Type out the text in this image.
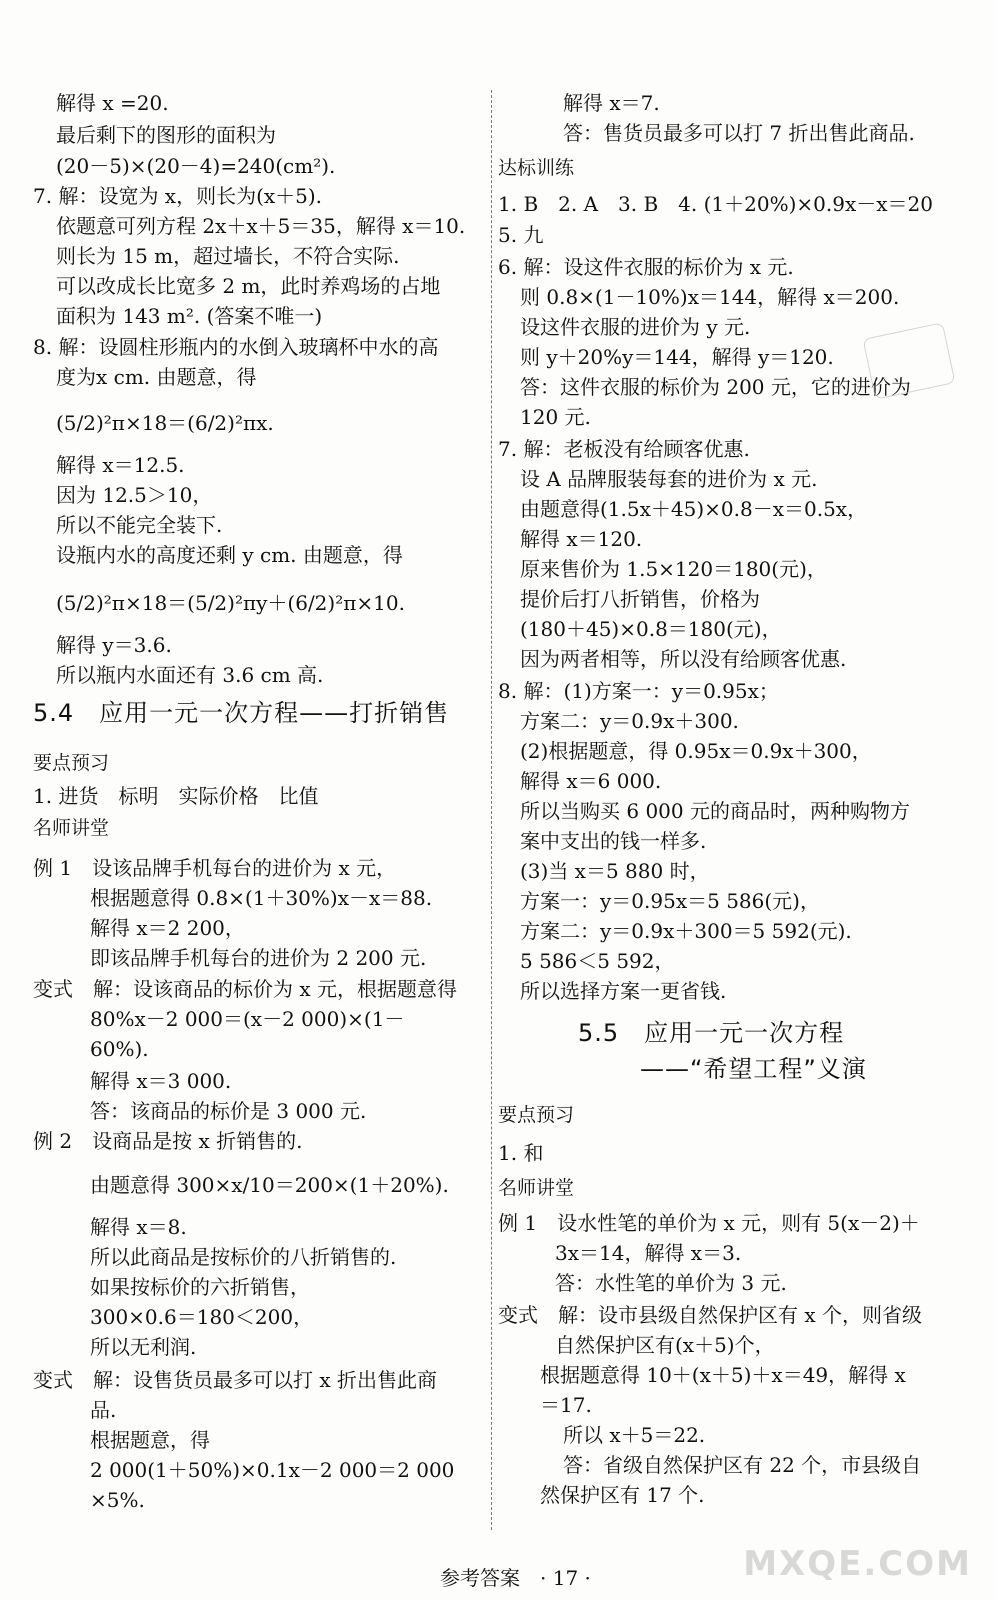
解得 x =20.
最后剩下的图形的面积为
(20－5)×(20－4)=240(cm²).
7. 解：设宽为 x，则长为(x＋5).
依题意可列方程 2x＋x＋5＝35，解得 x＝10.
则长为 15 m，超过墙长，不符合实际.
可以改成长比宽多 2 m，此时养鸡场的占地
面积为 143 m². (答案不唯一)
8. 解：设圆柱形瓶内的水倒入玻璃杯中水的高
度为x cm. 由题意，得
(5/2)²π×18＝(6/2)²πx.
解得 x＝12.5.
因为 12.5＞10，
所以不能完全装下.
设瓶内水的高度还剩 y cm. 由题意，得
(5/2)²π×18＝(5/2)²πy＋(6/2)²π×10.
解得 y＝3.6.
所以瓶内水面还有 3.6 cm 高.
5.4　应用一元一次方程——打折销售
要点预习
1. 进货　标明　实际价格　比值
名师讲堂
例 1　设该品牌手机每台的进价为 x 元，
根据题意得 0.8×(1＋30%)x－x＝88.
解得 x＝2 200，
即该品牌手机每台的进价为 2 200 元.
变式　解：设该商品的标价为 x 元，根据题意得
80%x－2 000＝(x－2 000)×(1－
60%).
解得 x＝3 000.
答：该商品的标价是 3 000 元.
例 2　设商品是按 x 折销售的.
由题意得 300×x/10＝200×(1＋20%).
解得 x＝8.
所以此商品是按标价的八折销售的.
如果按标价的六折销售，
300×0.6＝180＜200，
所以无利润.
变式　解：设售货员最多可以打 x 折出售此商
品.
根据题意，得
2 000(1＋50%)×0.1x－2 000＝2 000
×5%.
解得 x＝7.
答：售货员最多可以打 7 折出售此商品.
达标训练
1. B　2. A　3. B　4. (1＋20%)×0.9x－x＝20
5. 九
6. 解：设这件衣服的标价为 x 元.
则 0.8×(1－10%)x＝144，解得 x＝200.
设这件衣服的进价为 y 元.
则 y＋20%y＝144，解得 y＝120.
答：这件衣服的标价为 200 元，它的进价为
120 元.
7. 解：老板没有给顾客优惠.
设 A 品牌服装每套的进价为 x 元.
由题意得(1.5x＋45)×0.8－x＝0.5x，
解得 x＝120.
原来售价为 1.5×120＝180(元)，
提价后打八折销售，价格为
(180＋45)×0.8＝180(元)，
因为两者相等，所以没有给顾客优惠.
8. 解：(1)方案一：y＝0.95x；
方案二：y＝0.9x＋300.
(2)根据题意，得 0.95x＝0.9x＋300，
解得 x＝6 000.
所以当购买 6 000 元的商品时，两种购物方
案中支出的钱一样多.
(3)当 x＝5 880 时，
方案一：y＝0.95x＝5 586(元)，
方案二：y＝0.9x＋300＝5 592(元).
5 586＜5 592，
所以选择方案一更省钱.
5.5　应用一元一次方程
——“希望工程”义演
要点预习
1. 和
名师讲堂
例 1　设水性笔的单价为 x 元，则有 5(x－2)＋
3x＝14，解得 x＝3.
答：水性笔的单价为 3 元.
变式　解：设市县级自然保护区有 x 个，则省级
自然保护区有(x＋5)个，
根据题意得 10＋(x＋5)＋x＝49，解得 x
＝17.
所以 x＋5＝22.
答：省级自然保护区有 22 个，市县级自
然保护区有 17 个.
参考答案　· 17 ·	MXQE.COM
